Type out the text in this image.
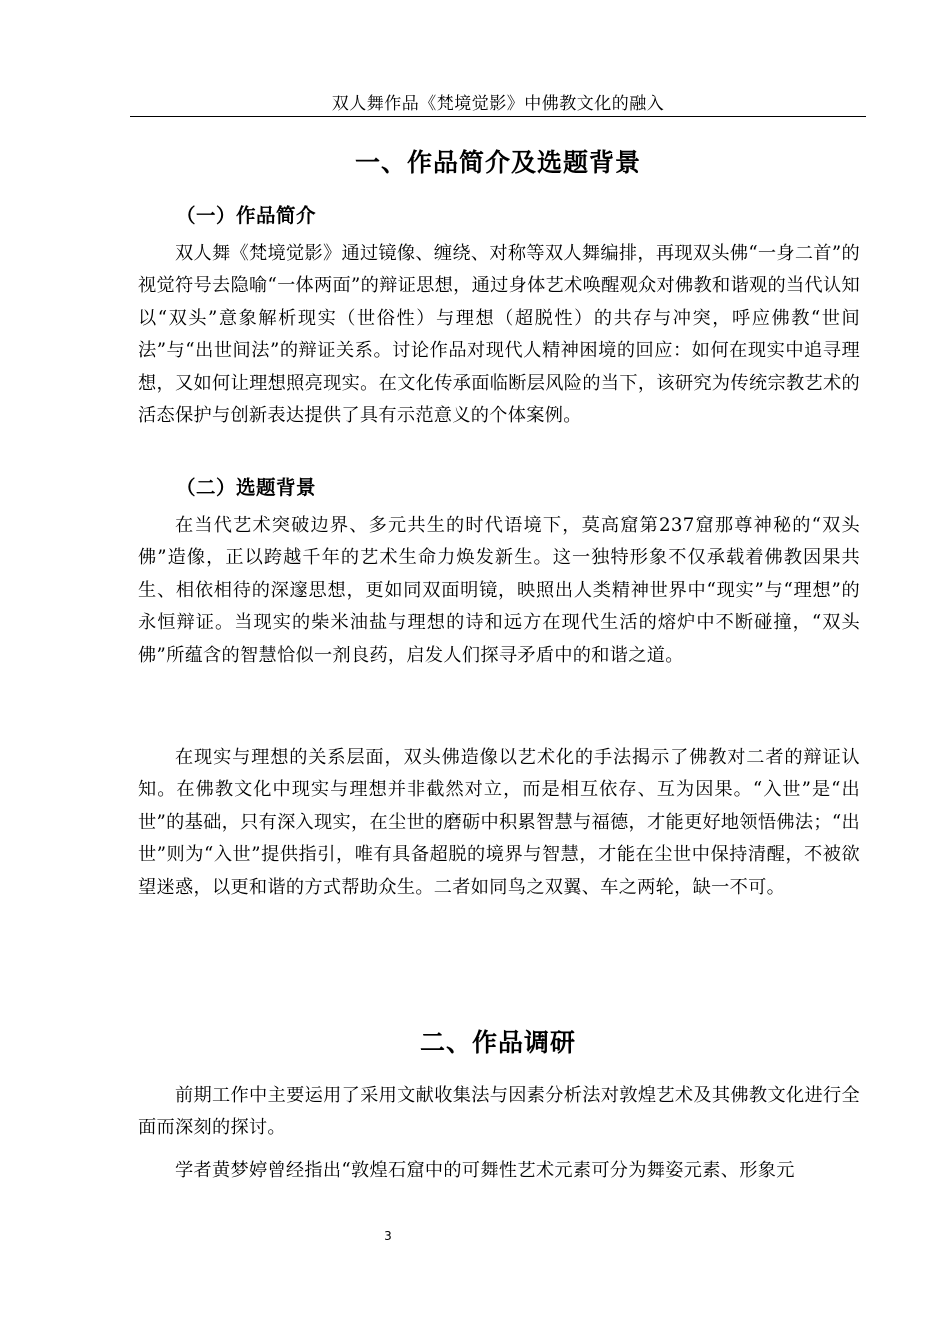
双人舞作品《梵境觉影》中佛教文化的融入
一、作品简介及选题背景
（一）作品简介

双人舞《梵境觉影》通过镜像、缠绕、对称等双人舞编排，再现双头佛“一身二首”的视觉符号去隐喻“一体两面”的辩证思想，通过身体艺术唤醒观众对佛教和谐观的当代认知以“双头”意象解析现实（世俗性）与理想（超脱性）的共存与冲突，呼应佛教“世间法”与“出世间法”的辩证关系。讨论作品对现代人精神困境的回应：如何在现实中追寻理想，又如何让理想照亮现实。在文化传承面临断层风险的当下，该研究为传统宗教艺术的活态保护与创新表达提供了具有示范意义的个体案例。

（二）选题背景

在当代艺术突破边界、多元共生的时代语境下，莫高窟第237窟那尊神秘的“双头佛”造像，正以跨越千年的艺术生命力焕发新生。这一独特形象不仅承载着佛教因果共生、相依相待的深邃思想，更如同双面明镜，映照出人类精神世界中“现实”与“理想”的永恒辩证。当现实的柴米油盐与理想的诗和远方在现代生活的熔炉中不断碰撞，“双头佛”所蕴含的智慧恰似一剂良药，启发人们探寻矛盾中的和谐之道。

在现实与理想的关系层面，双头佛造像以艺术化的手法揭示了佛教对二者的辩证认知。在佛教文化中现实与理想并非截然对立，而是相互依存、互为因果。“入世”是“出世”的基础，只有深入现实，在尘世的磨砺中积累智慧与福德，才能更好地领悟佛法；“出世”则为“入世”提供指引，唯有具备超脱的境界与智慧，才能在尘世中保持清醒，不被欲望迷惑，以更和谐的方式帮助众生。二者如同鸟之双翼、车之两轮，缺一不可。

二、作品调研

前期工作中主要运用了采用文献收集法与因素分析法对敦煌艺术及其佛教文化进行全面而深刻的探讨。

学者黄梦婷曾经指出“敦煌石窟中的可舞性艺术元素可分为舞姿元素、形象元

3
